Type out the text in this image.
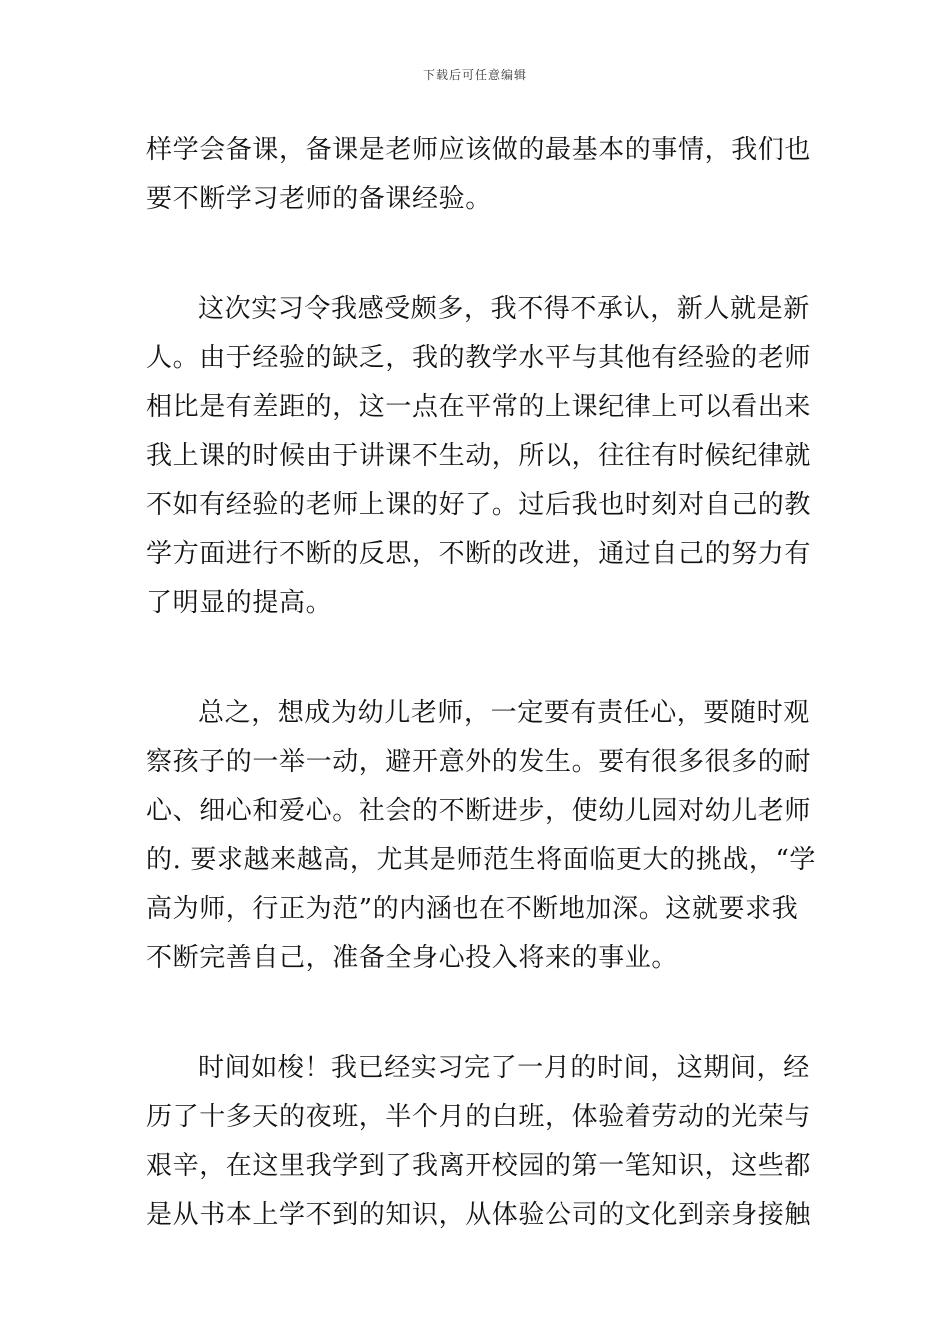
下载后可任意编辑
样学会备课，备课是老师应该做的最基本的事情，我们也
要不断学习老师的备课经验。
这次实习令我感受颇多，我不得不承认，新人就是新
人。由于经验的缺乏，我的教学水平与其他有经验的老师
相比是有差距的，这一点在平常的上课纪律上可以看出来
我上课的时候由于讲课不生动，所以，往往有时候纪律就
不如有经验的老师上课的好了。过后我也时刻对自己的教
学方面进行不断的反思，不断的改进，通过自己的努力有
了明显的提高。
总之，想成为幼儿老师，一定要有责任心，要随时观
察孩子的一举一动，避开意外的发生。要有很多很多的耐
心、细心和爱心。社会的不断进步，使幼儿园对幼儿老师
的. 要求越来越高，尤其是师范生将面临更大的挑战，“学
高为师，行正为范”的内涵也在不断地加深。这就要求我
不断完善自己，准备全身心投入将来的事业。
时间如梭！我已经实习完了一月的时间，这期间，经
历了十多天的夜班，半个月的白班，体验着劳动的光荣与
艰辛，在这里我学到了我离开校园的第一笔知识，这些都
是从书本上学不到的知识，从体验公司的文化到亲身接触
